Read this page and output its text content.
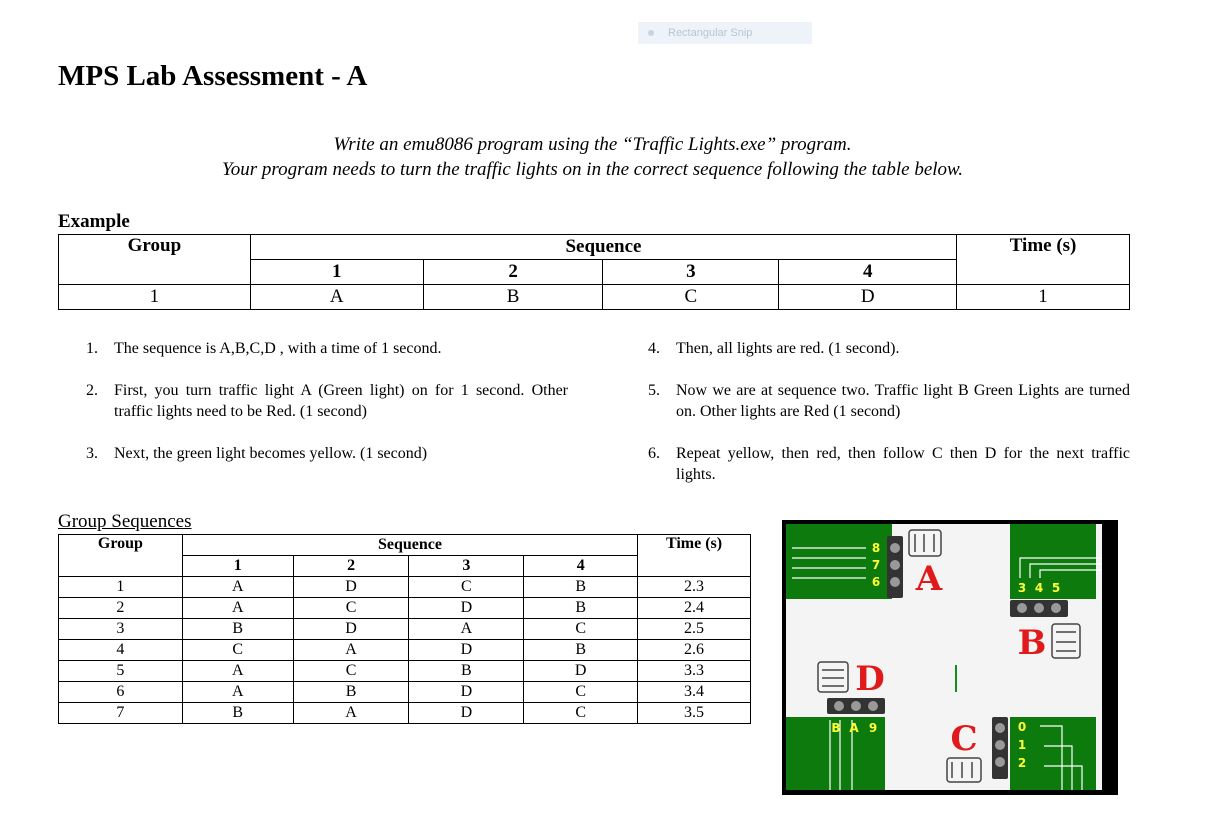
Rectangular Snip
MPS Lab Assessment - A
Write an emu8086 program using the “Traffic Lights.exe” program.
Your program needs to turn the traffic lights on in the correct sequence following the table below.
Example
Group	Sequence				Time (s)
	1	2	3	4	
1	A	B	C	D	1
1. The sequence is A,B,C,D , with a time of 1 second.
2. First, you turn traffic light A (Green light) on for 1 second. Other traffic lights need to be Red. (1 second)
3. Next, the green light becomes yellow. (1 second)
4. Then, all lights are red. (1 second).
5. Now we are at sequence two. Traffic light B Green Lights are turned on. Other lights are Red (1 second)
6. Repeat yellow, then red, then follow C then D for the next traffic lights.
Group Sequences
Group	Sequence				Time (s)
	1	2	3	4	
1	A	D	C	B	2.3
2	A	C	D	B	2.4
3	B	D	A	C	2.5
4	C	A	D	B	2.6
5	A	C	B	D	3.3
6	A	B	D	C	3.4
7	B	A	D	C	3.5
8
7
6 A	3 4 5
B
0
1
2
C
B A 9
D
